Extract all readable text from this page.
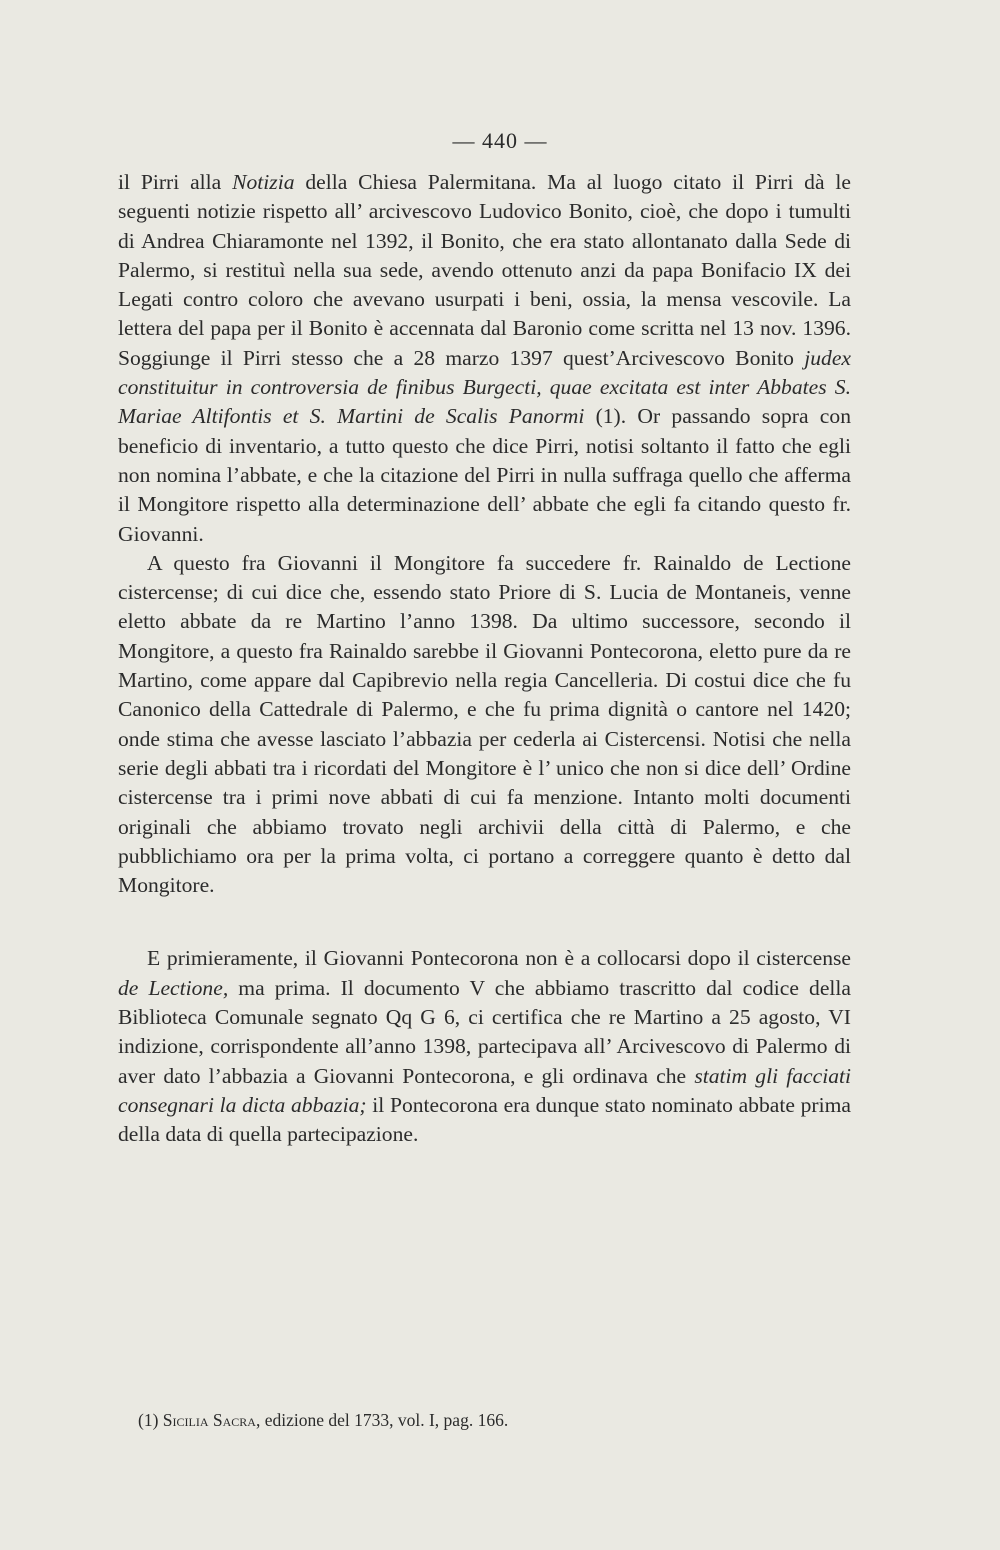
— 440 —

il Pirri alla Notizia della Chiesa Palermitana. Ma al luogo citato il Pirri dà le seguenti notizie rispetto all’ arcivescovo Ludovico Bonito, cioè, che dopo i tumulti di Andrea Chiaramonte nel 1392, il Bonito, che era stato allontanato dalla Sede di Palermo, si restituì nella sua sede, avendo ottenuto anzi da papa Bonifacio IX dei Legati contro coloro che avevano usurpati i beni, ossia, la mensa vescovile. La lettera del papa per il Bonito è accennata dal Baronio come scritta nel 13 nov. 1396. Soggiunge il Pirri stesso che a 28 marzo 1397 quest’Arcivescovo Bonito judex constituitur in controversia de finibus Burgecti, quae excitata est inter Abbates S. Mariae Altifontis et S. Martini de Scalis Panormi (1). Or passando sopra con beneficio di inventario, a tutto questo che dice Pirri, notisi soltanto il fatto che egli non nomina l’abbate, e che la citazione del Pirri in nulla suffraga quello che afferma il Mongitore rispetto alla determinazione dell’ abbate che egli fa citando questo fr. Giovanni.

A questo fra Giovanni il Mongitore fa succedere fr. Rainaldo de Lectione cistercense; di cui dice che, essendo stato Priore di S. Lucia de Montaneis, venne eletto abbate da re Martino l’anno 1398. Da ultimo successore, secondo il Mongitore, a questo fra Rainaldo sarebbe il Giovanni Pontecorona, eletto pure da re Martino, come appare dal Capibrevio nella regia Cancelleria. Di costui dice che fu Canonico della Cattedrale di Palermo, e che fu prima dignità o cantore nel 1420; onde stima che avesse lasciato l’abbazia per cederla ai Cistercensi. Notisi che nella serie degli abbati tra i ricordati del Mongitore è l’ unico che non si dice dell’ Ordine cistercense tra i primi nove abbati di cui fa menzione. Intanto molti documenti originali che abbiamo trovato negli archivii della città di Palermo, e che pubblichiamo ora per la prima volta, ci portano a correggere quanto è detto dal Mongitore.

E primieramente, il Giovanni Pontecorona non è a collocarsi dopo il cistercense de Lectione, ma prima. Il documento V che abbiamo trascritto dal codice della Biblioteca Comunale segnato Qq G 6, ci certifica che re Martino a 25 agosto, VI indizione, corrispondente all’anno 1398, partecipava all’ Arcivescovo di Palermo di aver dato l’abbazia a Giovanni Pontecorona, e gli ordinava che statim gli facciati consegnari la dicta abbazia; il Pontecorona era dunque stato nominato abbate prima della data di quella partecipazione.

(1) Sicilia Sacra, edizione del 1733, vol. I, pag. 166.
